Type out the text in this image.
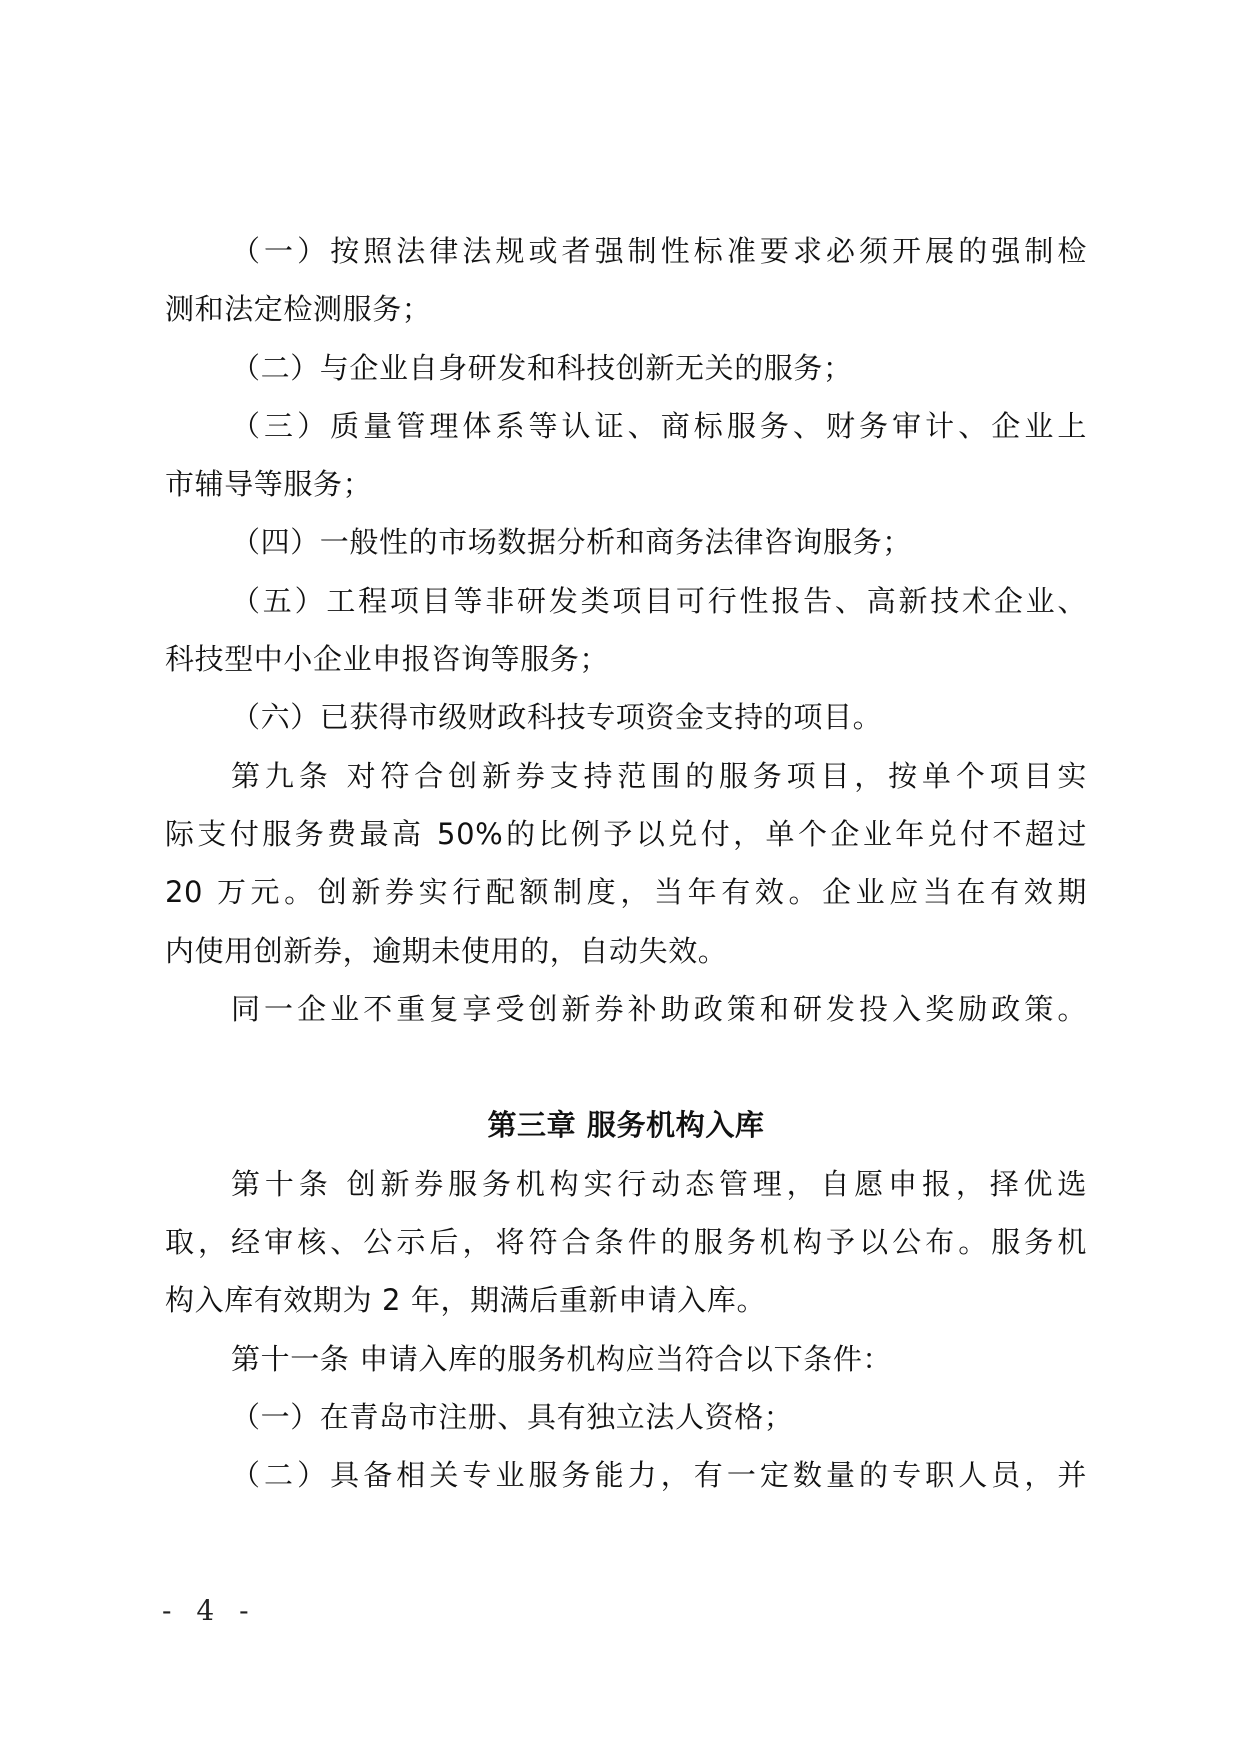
（一）按照法律法规或者强制性标准要求必须开展的强制检
测和法定检测服务；
（二）与企业自身研发和科技创新无关的服务；
（三）质量管理体系等认证、商标服务、财务审计、企业上
市辅导等服务；
（四）一般性的市场数据分析和商务法律咨询服务；
（五）工程项目等非研发类项目可行性报告、高新技术企业、
科技型中小企业申报咨询等服务；
（六）已获得市级财政科技专项资金支持的项目。
第九条 对符合创新券支持范围的服务项目，按单个项目实
际支付服务费最高 50%的比例予以兑付，单个企业年兑付不超过
20 万元。创新券实行配额制度，当年有效。企业应当在有效期
内使用创新券，逾期未使用的，自动失效。
同一企业不重复享受创新券补助政策和研发投入奖励政策。
第三章 服务机构入库
第十条 创新券服务机构实行动态管理，自愿申报，择优选
取，经审核、公示后，将符合条件的服务机构予以公布。服务机
构入库有效期为 2 年，期满后重新申请入库。
第十一条 申请入库的服务机构应当符合以下条件：
（一）在青岛市注册、具有独立法人资格；
（二）具备相关专业服务能力，有一定数量的专职人员，并
- 4 -
